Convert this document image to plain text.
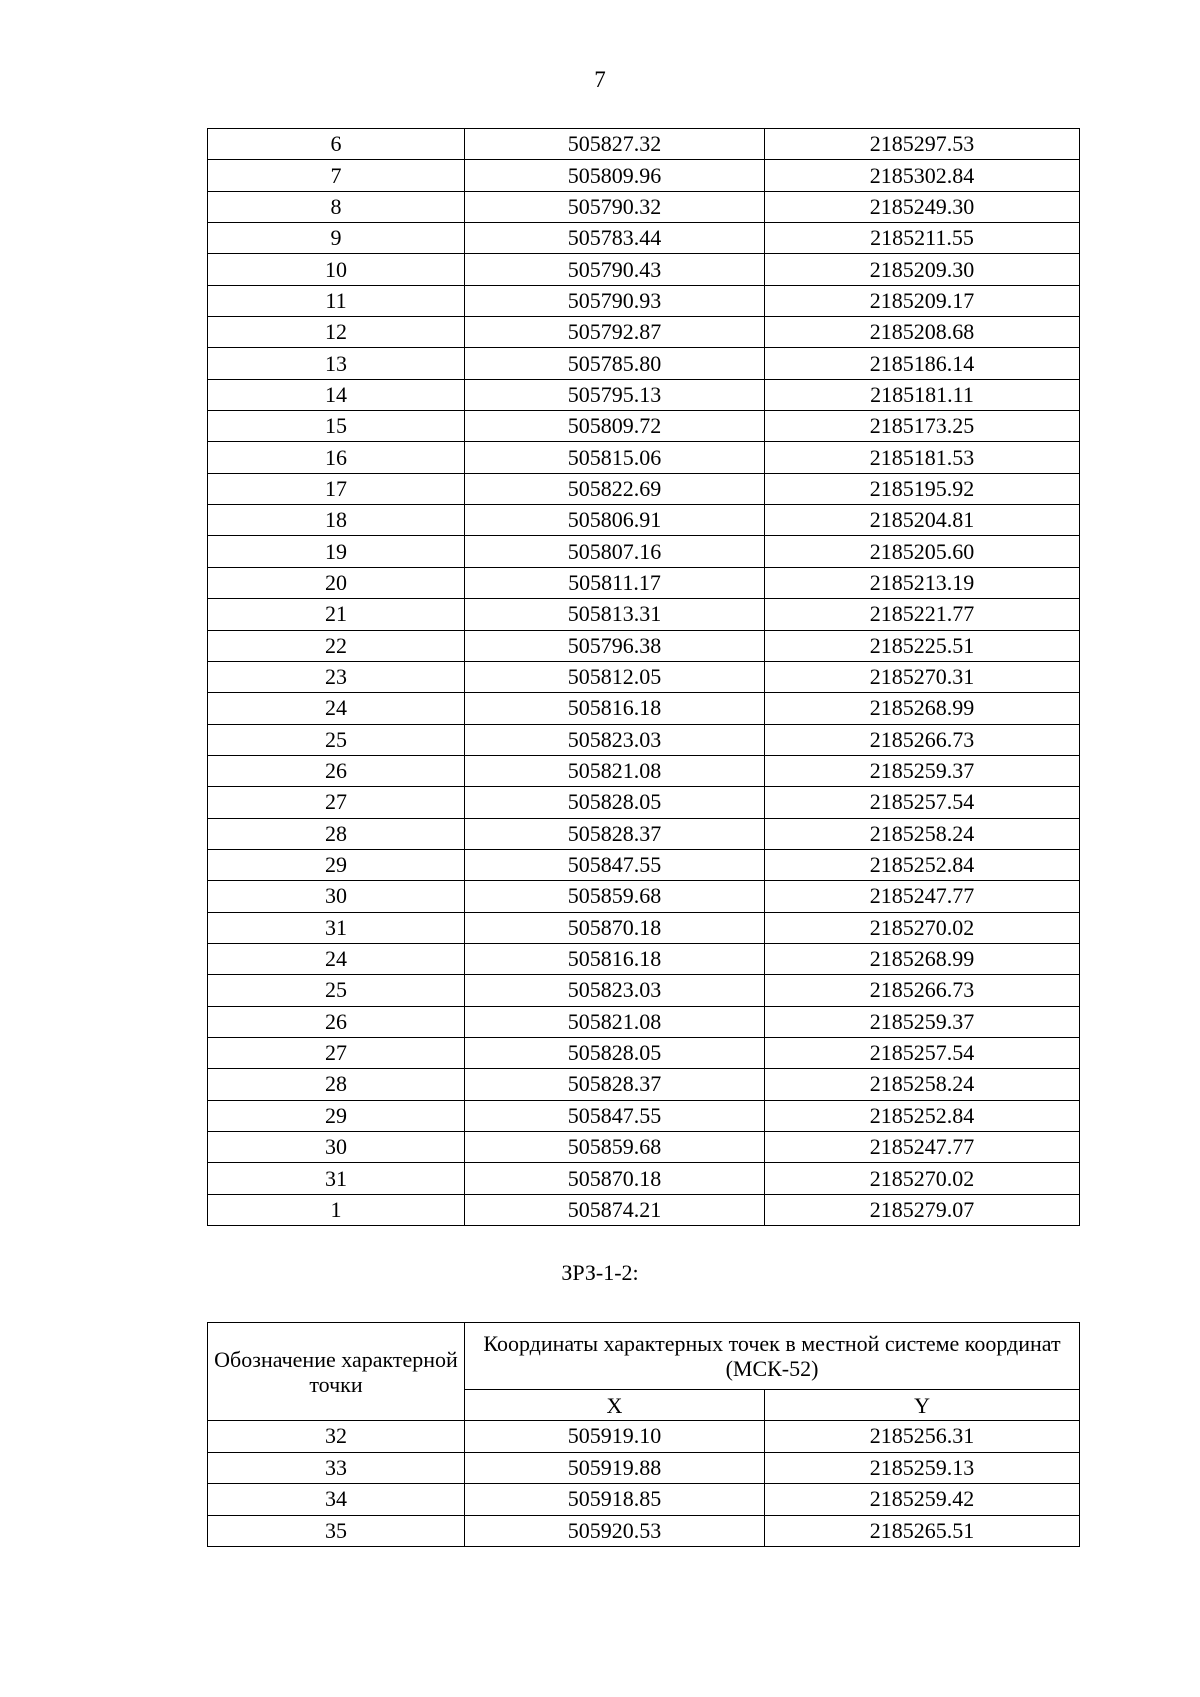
7
6	505827.32	2185297.53
7	505809.96	2185302.84
8	505790.32	2185249.30
9	505783.44	2185211.55
10	505790.43	2185209.30
11	505790.93	2185209.17
12	505792.87	2185208.68
13	505785.80	2185186.14
14	505795.13	2185181.11
15	505809.72	2185173.25
16	505815.06	2185181.53
17	505822.69	2185195.92
18	505806.91	2185204.81
19	505807.16	2185205.60
20	505811.17	2185213.19
21	505813.31	2185221.77
22	505796.38	2185225.51
23	505812.05	2185270.31
24	505816.18	2185268.99
25	505823.03	2185266.73
26	505821.08	2185259.37
27	505828.05	2185257.54
28	505828.37	2185258.24
29	505847.55	2185252.84
30	505859.68	2185247.77
31	505870.18	2185270.02
24	505816.18	2185268.99
25	505823.03	2185266.73
26	505821.08	2185259.37
27	505828.05	2185257.54
28	505828.37	2185258.24
29	505847.55	2185252.84
30	505859.68	2185247.77
31	505870.18	2185270.02
1	505874.21	2185279.07
ЗРЗ-1-2:
Обозначение характерной точки	Координаты характерных точек в местной системе координат (МСК-52)	
	X	Y
32	505919.10	2185256.31
33	505919.88	2185259.13
34	505918.85	2185259.42
35	505920.53	2185265.51
